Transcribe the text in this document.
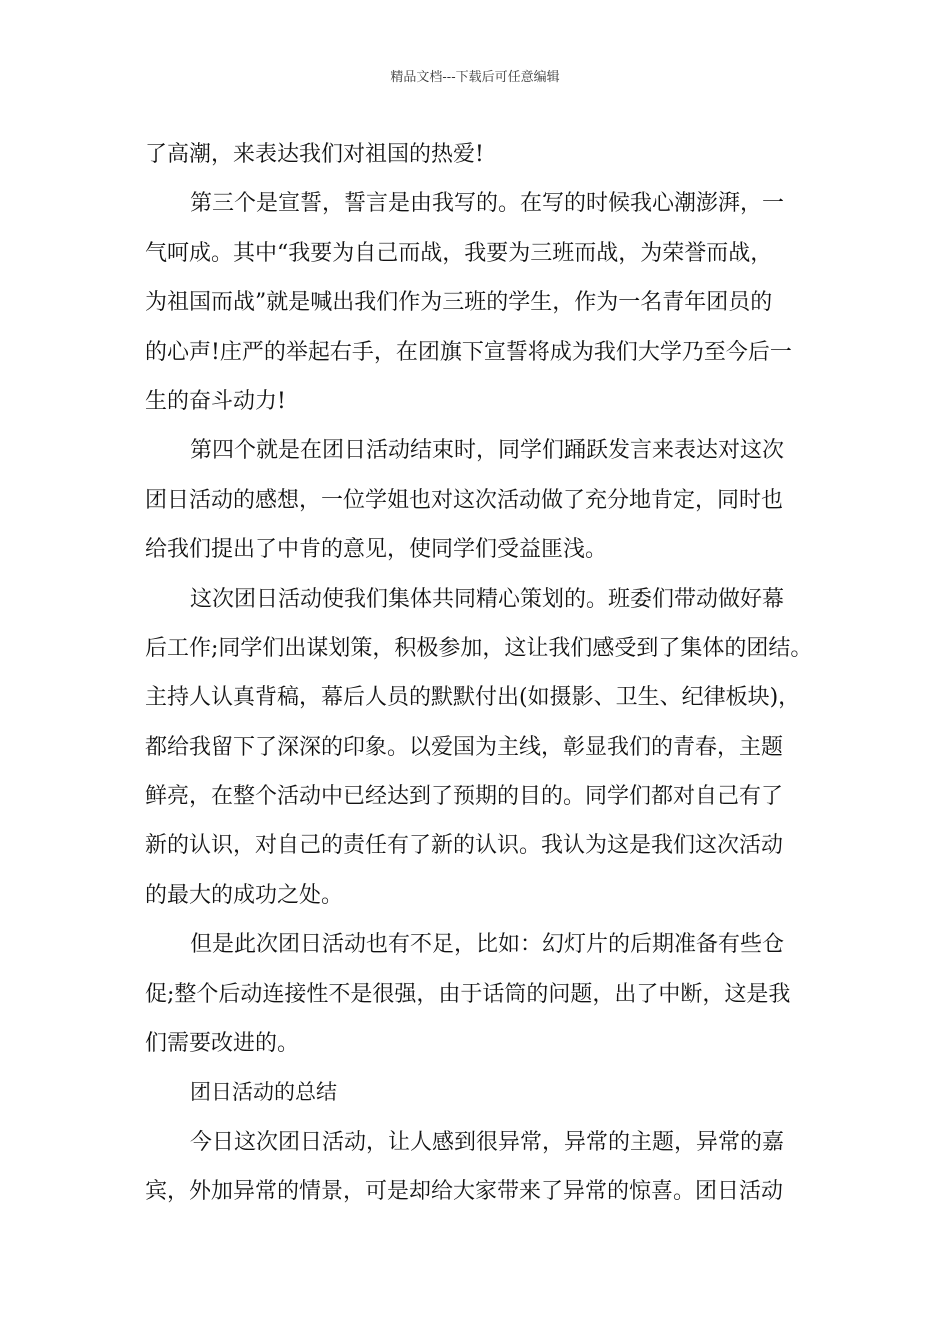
精品文档---下载后可任意编辑
了高潮，来表达我们对祖国的热爱!
第三个是宣誓，誓言是由我写的。在写的时候我心潮澎湃，一
气呵成。其中“我要为自己而战，我要为三班而战，为荣誉而战，
为祖国而战”就是喊出我们作为三班的学生，作为一名青年团员的
的心声!庄严的举起右手，在团旗下宣誓将成为我们大学乃至今后一
生的奋斗动力!
第四个就是在团日活动结束时，同学们踊跃发言来表达对这次
团日活动的感想，一位学姐也对这次活动做了充分地肯定，同时也
给我们提出了中肯的意见，使同学们受益匪浅。
这次团日活动使我们集体共同精心策划的。班委们带动做好幕
后工作;同学们出谋划策，积极参加，这让我们感受到了集体的团结。
主持人认真背稿，幕后人员的默默付出(如摄影、卫生、纪律板块)，
都给我留下了深深的印象。以爱国为主线，彰显我们的青春，主题
鲜亮，在整个活动中已经达到了预期的目的。同学们都对自己有了
新的认识，对自己的责任有了新的认识。我认为这是我们这次活动
的最大的成功之处。
但是此次团日活动也有不足，比如：幻灯片的后期准备有些仓
促;整个后动连接性不是很强，由于话筒的问题，出了中断，这是我
们需要改进的。
团日活动的总结
今日这次团日活动，让人感到很异常，异常的主题，异常的嘉
宾，外加异常的情景，可是却给大家带来了异常的惊喜。团日活动
